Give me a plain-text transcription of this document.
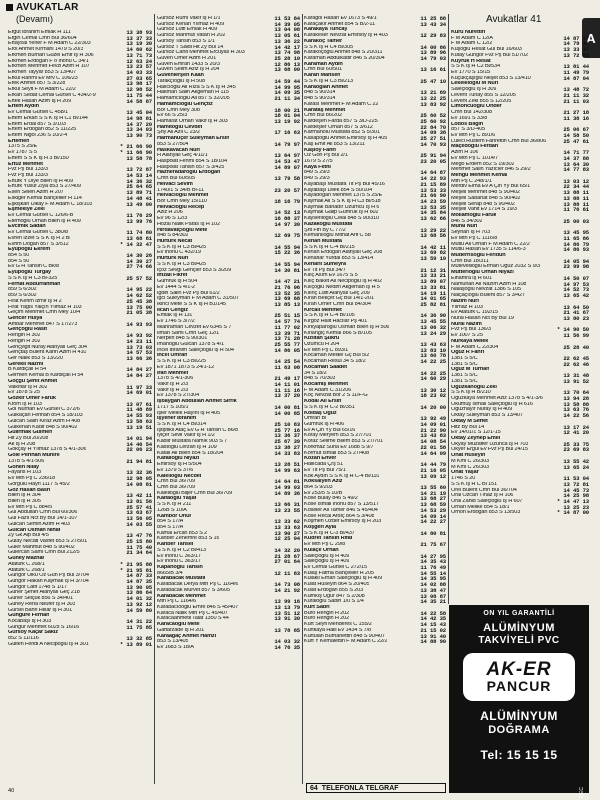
AVUKATLAR
(Devamı)	Avukatlar 41
A
Ergut Ibrahim Emlak H 111	13 38 93
Ergin Cemal Cmh Bul 36/604	13 37 33
Ertaysal Yener F M Adam C 22/303	13 19 30
Erol Ahmet Kırmanl 1479 S 20/3	14 60 62
Erkmen Burhan Güzel Emir Iş H 306	13 71 73
Erkmen Erdoğan F o İnönü C 34/1	12 63 24
Erkmen Mehmet Fevzi Azim H 107	13 23 57
Erkmen Tayyar 853 S 13/407	14 03 33
Erkul Rahmi Ev Mrv C 106/23	27 03 65
Erek Ahmet 857 S 3/228	13 98 17
Erkul Seyit F M Adam C 22/2	12 98 52
Erkan Sedat Cemal Gürsel C 434/2-9	11 75 44
Ertek Hasan Azim Iş H 209	14 58 87
Ertem Aydın
Ev Cemal Gürsel C 458/1	13 45 04
Ertem Erkan S S K Iş H C1 Bl/144	14 98 81
Ertem Erdal 857 S 3/103	14 37 20
Ertem Erdoğan 852 S 11/225	13 34 03
Ertem Nigol 236 S 10/2-4	13 90 73
Ertemen
1375 S 25/E	* 21 66 90
Ev 1787 S 5	* 11 66 90
Ertem S S K Iş H 3 Bl/150	13 58 78
Ertüz Mehmet
Fvz Pş Bul 133/3	13 72 87
Fvz Pş Bul 133/3	14 53 14
Ertürk Y Diye Bilen Iş H 409	14 36 32
Ertürk Yusuf Ziya 853 S 27/409	25 64 65
Esen Selen Azim H 207	13 89 71
Eskiger Kemal Bahçeliler H 114	14 48 41
Eşkişkan Ülkay F M Adam C 18/103	13 49 00
Eşmekiye Zeki
Ev Cemal Gürsel C 126/6-B	11 76 29
Etemoğlu Orhan Bilen Iş H 409	13 99 76
Evcimik Sadan
Ev Cemal Gürsel C 380/8	11 74 80
Evren İzzet S S K Iş H 2 Bl	13 68 61
Evrim Doğan 857 S 3/512	* 14 32 47
Eyüpoğlu Ekrem
854 S 50	14 30 26
854 S 50	14 30 27
Ev G H Tahsin C Bk/8	27 74 66
Eyüpoğlu Turgay
S S K Iş H C3 Bl-325	25 57 52
Ferhat Abdurrahman
859 S 6/302	14 95 22
859 S 6/302	14 62 52
Firat Kerim Izmir Iş H 2	25 45 38
Firat Yağıs Yalçın Yılmaz H 103	13 75 00
Geçim Mehmet Cmh Mey 10/4	21 05 38
Gencer Hülya
Ambar Mehmet 847 S 17/273	14 93 93
Gençoğlu Rasit
Rengin H 302	14 93 92
Rengin H 302	14 23 11
Gençyiğit Nuray Alanyalı Geç 304	13 73 03
Gençtaş Bülent Karin Azim H 410	14 57 53
Ger Nalik 853 S 13/220	13 66 36
Gerekli Nazmi
B Kardiçalı H 54	14 84 27
Germen Kemal B Kardiçalı H 54	14 84 27
Göçgü Şehit Ahmet
Valkıflar Iş H 302	11 97 33
Ev 1878 S 25	14 69 01
Gözkir Ömer Faruk
Krom Iş H 103	13 07 61
Göl Nurhan Ev Gürsel C 372/6	11 48 89
Gülkaçan Ferihan 854 S 18/103	14 55 93
Gülcan Salih Kıraz Azim H 408	13 58 63
Gülkenan Kadir 848 S 90/402	13 19 51
Gülirmak Gülmen
Hlt Zy Bul 20/208	14 01 94
Ak Iş H 208	14 46 54
Gökçay H Yılmaz 1378 S 4/1-306	22 06 23
Göle Perihan Münire
1378 S 4/1-506	21 94 81
Gönen Nilay
Fayans H 103	13 32 36
Ev Mth Pş C 236/18	12 98 05
Görgülü Hayri 1117 S 45/2	14 08 81
Göz Hasan Basri
Bilen Iş H 304	13 42 11
Bilen Iş H 305	13 81 56
Ev Mth Pş C 884/5	25 57 41
Gül Abdullah Cmh Bul 60/306	13 63 67
Gül Fazıl Nct By Bul 14/1-107	13 56 05
Gülcan Semih Azim H 403	14 03 55
Gülcan Osman Nihat
Zy Gk Alp Bul 4/5	13 47 76
Gülay Necati Vasfet 853 S 27/501	25 15 80
Güler Mahmut 848 S 90/402	11 75 40
Gülercan Sami Cmh Bul 212/5	21 34 64
Güney Mazhar
Atatürk C 268/1	* 21 95 88
Atatürk C 268/1	* 21 95 81
Güngör Ülkü Öz Gün Pş Bul 3/704	14 87 33
Güngör Hakan Kaymak Iş H 3/704	14 87 35
Güngör Latif 1748 S 1/17	13 90 05
Güner Şener Alanyalı Geç 218	13 86 64
Güner Selçuk 856 S 34/401	14 01 32
Güney Reha Nilüfer Iş H 303	13 92 12
Gürsel Bahri Hisar Iş H 301	14 59 80
Güngüre Ferhan
Kocabaşı Iş H 303	14 31 22
Güngür Mehmet 602s S 16/16	11 75 85
Gürsoy Kaçar Sakız
852 S 11/116	13 32 85
Gülten Fendi A Necipoğlu Iş H 301	* 13 89 01
Gürsöz Rümi Vakıf Iş H 1/1	11 53 84
Gürsöz Kenan Yılmaz H 409	14 39 05
Gürsöz Lütfi Emlak H 409	13 04 08
Gürsöz Mahmut Vatan H 202	13 05 61
Gürsoy Tahsin 853 S 1/1	13 36 22
Gürsöz T Saidi Hlt Zy Bul 14	14 42 17
Gürsöz Cahit Mehmet Ercüyas H 303	13 74 98
Güven Ömer Azim H 201	25 28 10
Güven Emrah 1433 S 20/3	12 86 13
Güven Selim Aziz Iş H 204	13 68 00
Güvenlerşen Kaan
Tarakçıoğlu Iş H 508	14 59 44
Halıcıoğlu Ali Rıza S S K Iş H 345	14 99 95
Hakman Salih Akgeman H 115	14 09 35
Hamamcıoğlu Ali 857 S 32/205	21 11 34
Hamamcıoğlu Gençtiz
Bor Cmh Mey 308	18 00 21
Ev 66 S 25/3	18 01 04
Hamarat Orhan Vakıf Iş H 303	13 19 92
Hamitoğlu Cevdet
Şhy Ali Azıl C 23/2	17 16 63
Harmanüçer Süleyman Ersin
853 S 27/504	14 79 97
Haskavacan Nuri
H Alanyalı Geç 4/11/1	13 64 97
Haspolat Fehmi 854 S 18/104	14 53 47
Haspolat Tahsin 857 S 3/425	14 89 07
Hazneradaroğlu Erdoğan
Cmh Bul 60/505	13 79 58
Helvacı Sevim
1740/1 S 34/B Bl-11	23 20 57
Helvacıoğlu Mehmet
Bor Cmh Mey 15/110	18 16 79
Helvacıoğlu Recep
Aziz H 206	14 52 13
Ev 96 S 12/3	16 88 37
Hozal Nalik Paras Iş H 102	14 97 30
Hırdavatçıoğlu Mete
848 S 84/302	12 69 75
Hürtürk Necat
S S K Iş H C3 Bl/425	14 55 94
Ev İnönü C 432/19	15 22 36
Hürtürk Nuri
S S K Iş H C3 Bl/425	14 55 94
İçöz Sevgi Gençler 853 S 3/209	14 30 81
İmzalı Fikret
Gümrük Iş H 504	14 47 21
Ev 1444 S 4/1-2	21 76 06
İgdiri Salih Fvz Pş Bul 61/2	13 52 35
İğci Süleyman F M Adam C 31/507	13 69 68
İkinci Mete S S K Iş H B1/145	13 85 13
İlcan Cengiz
Emlak Iş H 110	25 51 15
Ev 1746 S 3/7/2	14 57 74
İlkahraman Cevzet Ev 6345 S 7	11 77 02
İlman Sami Cmh Geç 12/1	13 39 71
Nerperi 848 S 90/301	13 71 28
İmanoğlu Gülcan 1378 S 4/1	25 55 77
İncel İbrahim Saleçioğlu Iş H 504	14 86 05
İncel Ümran
S S K Iş H C3 Bl/225	14 25 54
Ev 1871 1873 S 24/1-12	11 63 08
İran Mehmet
1378 S 4/1-306	21 49 17
Vakıf Iş H 2/3	14 11 01
Vakıf Iş H 2/3	11 11 16
Ev 1378 S 27/304	13 37 20
İşbaygan Abdullah Ahmet Sırrık
1717 S 105/1	14 00 81
İşler Melek Hayırlı Iş H 405	14 00 85
İşyener İbrahim
S S K Iş H C4 Bl/314	25 10 83
İştiptiklı Ataç Ev G H Tahsin C 86/8	25 77 16
İyiçer Sevil Vakıf Iş H 1/2	13 36 37
Kadiir Mustafa Namık 903 S 7	25 67 39
Kadıoğlu Lerzan Iş H 109	13 38 27
Kafalı Ali Bilen 854 S 18/204	14 33 83
Kafalıoğlu Niyazi
Emirsoy Iş H 5/504	13 28 51
Ev 1379 S 37/6	14 99 63
Kalelioğlu Necdet
Cmh Bul 36/709	14 64 81
Cmh Bul 36/709	14 99 03
Kalelioğlu Biljer Cmh Bul 36/709	14 89 36
Kalfaoğlu Yaşat
S S K Iş H 211	13 66 31
126B S 10/A	13 23 55
Kambor Onur
854 S 17/A	13 33 62
854 S 17/A	13 33 63
Kamal Ercan 853 S 2	13 90 27
Kanber Zenemre 853 S 16	12 25 04
Kanber Tansel
S S K Iş H C2 Bl/413	14 32 20
Ev İnönü C 363/17	21 28 67
Ev İnönü C 363/17	27 01 64
Kapanoğlu Tahsin
8665/B 3/4	12 11 83
Karabacak Mustafa
Karabacak Derya Mth Pş C 1164/6	14 73 08
Karabacak Mürvet 857 S 3/605	14 21 92
Karabacak Mehmet
Mth Pş C 1164/6	13 99 16
Karabacıooğlu Emre 846 S 45/407	13 13 79
Karaca Nalik Mth Pş C 45/407	13 51 12
Karacaahmetli Talat 1350 S 44	13 91 30
Karacaoğlu Mete
Gaffarzade Iş H 201	13 78 85
Karaağaç Ahmet Hamzi
853 S 13/405	14 03 32
Ev 1683 S 18/A	14 76 35
Karagöl Hasan Ev 1673 S 49/1	11 25 88
Karaçakır Ahmet 854 S B/2-11	13 43 34
Karakaya Tuncay
Karakeser Nevzat Emirsoy Iş H 403	12 29 83
Karakoç Tamer
S S K Iş H C4 Bl/305	14 00 86
Karakoçoğlu Ahmet 848 S 20/311	13 89 96
Karaman Abdülkadir 846 S 20/304	14 79 03
Karaman Aydın
Cmh Bul 60/501	13 16 61
Karan Mahsen
S S K Iş H C3 Bl/213	25 47 10
Karaoğlan Ahmet
848 S 90/314	13 21 89
848 S 90/314	13 22 25
Karası Mehmet F M Adam C 22	13 83 92
Karataş Mehmet
Cmh Bul 86/202	25 60 52
Kardeşen Farda 857 S 3/D-225	25 60 92
Kardeşler Orhan 857 S 3/612	22 84 70
Karmanolu Mustafa 852 S 5/301	14 09 38
Kasapoğlu Ahmet Emirsoy Iş H 405	25 27 51
Kaş Emir Ali 853 S 13/211	14 70 93
Kaşıoy Fahri
Öz Gön Pş Bul 2/1	25 91 94
1679 S 27/5	23 20 05
Kaya Fethi
849 S 29/3	14 64 87
849 S 29/3	14 22 93
Kayabaşı Mustafa Tlt Pş Bul 45/16	21 15 89
Kayabaşı Dilek 854 S 50/104	13 53 33
Kayadoğan Mehmet 1375 S 25/E	21 66 90
Kaymak Ali S S K Iş H C3 Bl/518	14 23 59
Kaymak Bahadır Üzümcü Iş H 6	13 53 35
Kaymak Galip Gümrük Iş H 602	14 35 84
Kayserlioğlu Celal 848 S 90/310	13 62 66
Kazakoğlu Mustafa
Şht Fth By C 77/2	13 29 22
Kemahlıoğlu Mithat Arif C 58	13 68 56
Kenan Mustafa
S S K Iş H C-4 Bl/215	14 42 11
Kenan Erdoğan Alanyalı Geç 208	13 69 82
Kenarlar Yurdal 853 S 13/414	13 59 10
Kenarlı Sümeyra
Ev Tlt Pş Bul 34/7	21 12 31
Kılıç Asım Ev 1675 S 5	13 33 21
Kılıç Baket Ali Necipoğlu Iş H 402	13 89 07
Kılıçoğlu Nedim Akgeman Iş H 5	13 33 81
Kılınç Lütfi Alanyalı Geç 209	14 19 11
Kıran Bekçet Gç Bul 14/1-201	14 01 65
Kıran Ömer Cmh Bul 84/304	25 82 81
Kırcalı Mehmet
S S K Iş H C-4 Bl/105	14 36 90
Kırgöz Halit Hacılar Pş 401	13 45 55
Kırkyaparoğlu Osman Bilen Iş H 506	13 06 32
Kırlangıç Kemal 866 S B/105	13 24 29
Kızıltan Şükrü
Üzümcü H 204	13 43 63
Ev Mth Pş C 893/1	13 83 10
Kocaman Melike Gç Bul 5/2	13 60 78
Kocaman Resul 34 S 18/2	14 22 25
Kocaman Saadet
34 S 18/2	14 22 25
848 S 70/303	14 60 29
Kocamış Mehmet
F M Adam C 31/206	13 30 12
Koç Nevzat Bor 2 S 11/F-G	18 23 02
Kodal Ali Ersin
S S K Iş H C-2 Bl/351	14 20 00
Koldaş Oğuz
Ümran Bl	13 92 49
Gümrük Iş H 406	14 09 01
Ev A Çin Yy Bul 65/16	21 22 90
Koray Meryem 853 S 27/701	13 43 83
Koraz Selime Bilem 853 S 27/701	14 08 54
Korkmaz Suna Ev 1688 S 9/7	22 01 58
Kormut İsmail 853 S 27/408	14 64 09
Kozan Enver
Hallıcada Çrş 51	14 44 79
Ev Tlt Pş Bul 75/1	21 16 05
Kök Aydın S S K Iş H C-4 Bl/110	13 09 12
Köksalyen Aziz
864 S 9/203	13 55 60
Ev 253/5 S 10/B	14 21 19
Köse Bülay 846 S 49/2	13 68 27
Köse İsmail İnönü 857 S 13/517	13 68 59
Köseler Ali Tamer 846 S 45/404	14 53 29
Köse Recai Ardıç 864 S 3/408	14 09 14
Köşmen Özder Emirsoy Iş H 203	14 22 27
Köşgeri Ayla
S S K Iş H C-3 Bl/437	14 80 81
Kudret Tahsin Rıfat
Ev Mth Pş C 29/8	21 75 67
Kulaçe Orhan
Saleçioğlu Iş H 409	14 27 95
Saleçioğlu Iş H 409	14 35 43
Ev Cemal Gürsel C 272/15	11 76 49
Kulaş Fatma Bahçeliler H 205	14 55 14
Kulaklı Erhan Saleçioğlu Iş H 409	14 35 95
Kulat Hüseyin 864 S 20/405	14 02 88
Kulat Erdoğan 855 S 203	13 38 47
Kumkış Uğur 847 S 2/308	13 08 87
Kuraloğlu Sabih 1/0 S 1/4	14 35 21
Kurt Sabri
Büro Rengin H 202	14 22 58
Büro Rengin H 202	14 42 35
Kurt Seyfi Menderes C 155/2	14 15 43
Kurtkaya Halil Ev 1434 S 7/8	21 15 02
Kurtulan Burhanettin 848 S 90/407	13 91 40
Kurt Y Kemalettin F M Adam C 22/2	14 88 90
Kuru Nurettin
F M Adam C 12/A	14 87 17
F M Adam C 12/2	14 79 48
Kuşoğlu Resat Gül Bul 16/603	13 33 17
Kutay Güngör Fvz Pş Bul 51/702	13 72 93
Kuyruk H Resat
S S K Iş H C2 Bl/534	13 81 44
Ev 1770 S 15/15	11 49 79
Küçükçaşığlu Neşet 853 S 13/410	14 87 04
Lekeleloğlu M Nuri
Saleçioğlu Iş H 309	13 48 72
Levent Tunay 855 S 12/205	21 11 32
Levent Zeki 855 S 12/205	21 11 03
Limoncuoğlu Önder
Cmh Bul 142/308	21 27 18
Ev 1691 S 33/8	11 38 16
Lodos Bilgin
857 S 3/D-405	25 06 67
Ev Mth Pş C 891/6	14 58 50
Lüleci Rüstem Fahrettin Cmh Bul 36/806	25 47 61
Maçedoğlu Ferdan
Azim H 106	14 71 77
Ev Mth Pş C 1014/7	14 37 88
Mego Erdem 852 S 19/302	13 64 30
Mehmet Salih Yazıcıer 846 S 29/2	14 77 83
Mengü Mehmet Kemal
Mth Pş C 248/1/1	13 03 12
Merdiv Elma Ev A Çin Yy Bul 65/1	22 34 44
Meşeli Mehmet 848 S 90/402	13 88 11
Meşeli Sabahat 848 S 90/402	13 88 11
Meşeli Serap 848 S 90/402	13 88 11
Meşeli Vahit Ev 1714 S 19/3	11 76 61
Mollamoğlu Faruk
846 S 34/302	25 00 03
Mural Nuri
Seyhan Iş H 703	13 45 95
Ev Mth Pş C 1116/8	11 65 86
Mutlu Ali Orhan F M Adam C 22/2	14 86 79
Mutlu Hasan Ev 1735 S 114/6-3	14 86 93
Müderrisoğlu Feridun
Cmh Bul 18/311	14 05 94
Mütevellioğlu Erman Öğüz 2032 S 9/3	23 99 98
Mütterioğlu Orhan Niyazi
Elhamra Iş H 601	14 50 07
Namuhan Ali Nazım Azim H 108	14 97 53
Nalaşoğlu Nevzat 1386 S 105	14 52 73
Nalçaçıoğlu Bülent 857 S 3/427	13 65 42
Nazım Nuri
Yılmaz H 103	13 64 50
Ev Atatürk C 192/15	21 41 67
Nural Hasan Nct By Bul 19	13 80 23
Nural Nazım
Fvz Pş Bul 136/3	* 14 90 50
Ev 1007 S 25	11 56 99
Nurkaya Melek
F M Adam C 22/304	25 28 40
Oğuz R Fahri
1381 S 5/C	22 62 45
1381 S 5/C	22 62 46
Oğuz M Turhan
1381 S 5/C	13 31 48
1381 S 5/C	13 91 52
Oğuzkanoğlu Zeki
S S K Iş H B/210	13 70 64
Oğuzkaya Mehmet Aziz 1378 S 4/1-3/6	13 94 28
Okumuş İsmail Saleçioğlu Iş H 616	13 58 88
Oğuzhayır Nuray Iş H 409	13 63 76
Oktay Süleyman 853 S 13/407	14 22 56
Oktay M Seffet
Hltz By Bul 14	13 17 24
Ev 14/01/1 S 12/1-15	12 41 20
Oktay Zeynep Emel
Okyay Muzaffer Uzunca Iş H 703	25 33 75
Okyer Ergül Ev Fvz Pş Bul 24/15	23 69 83
Onat Hüseyin
M Kml C 26/303	13 55 42
M Kml C 26/303	13 65 24
Onat Yaşar
1746 S 20	11 53 04
S S K Iş H C Bl 151	13 72 81
Orel Bülent Cmh Bul 36/704	14 45 73
Oral Özcan Tınaz Iş H 106	14 25 98
Oral Zahid Saleçioğlu Iş H 607	* 14 47 13
Orhan Melike 854 S 18/1	13 25 23
Orhon Erdoğan 853 S 13/503	* 14 87 00
40	64 TELEFONLA TELGRAF
ON YIL GARANTİLİ
ALÜMİNYUM
TAKVİYELİ PVC
AK-ER
PANCUR
ALÜMİNYUM
DOĞRAMA
Tel: 15 15 15
MEC
